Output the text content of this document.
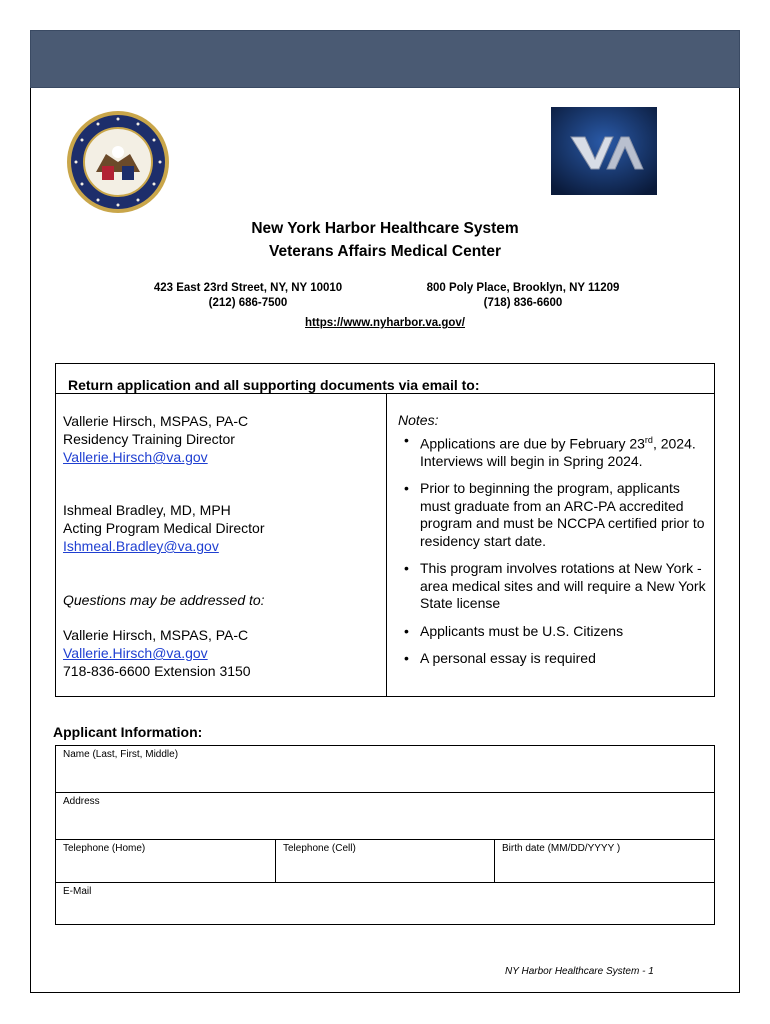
New York Harbor Healthcare System
Veterans Affairs Medical Center
423 East 23rd Street, NY, NY 10010
(212) 686-7500
800 Poly Place, Brooklyn, NY 11209
(718) 836-6600
https://www.nyharbor.va.gov/
Return application and all supporting documents via email to:
Vallerie Hirsch, MSPAS, PA-C
Residency Training Director
Vallerie.Hirsch@va.gov
Ishmeal Bradley, MD, MPH
Acting Program Medical Director
Ishmeal.Bradley@va.gov
Questions may be addressed to:
Vallerie Hirsch, MSPAS, PA-C
Vallerie.Hirsch@va.gov
718-836-6600 Extension 3150
Notes:
• Applications are due by February 23rd, 2024. Interviews will begin in Spring 2024.
• Prior to beginning the program, applicants must graduate from an ARC-PA accredited program and must be NCCPA certified prior to residency start date.
• This program involves rotations at New York -area medical sites and will require a New York State license
• Applicants must be U.S. Citizens
• A personal essay is required
Applicant Information:
Name (Last, First, Middle)
Address
Telephone (Home)	Telephone (Cell)	Birth date (MM/DD/YYYY )
E-Mail
NY Harbor Healthcare System - 1
